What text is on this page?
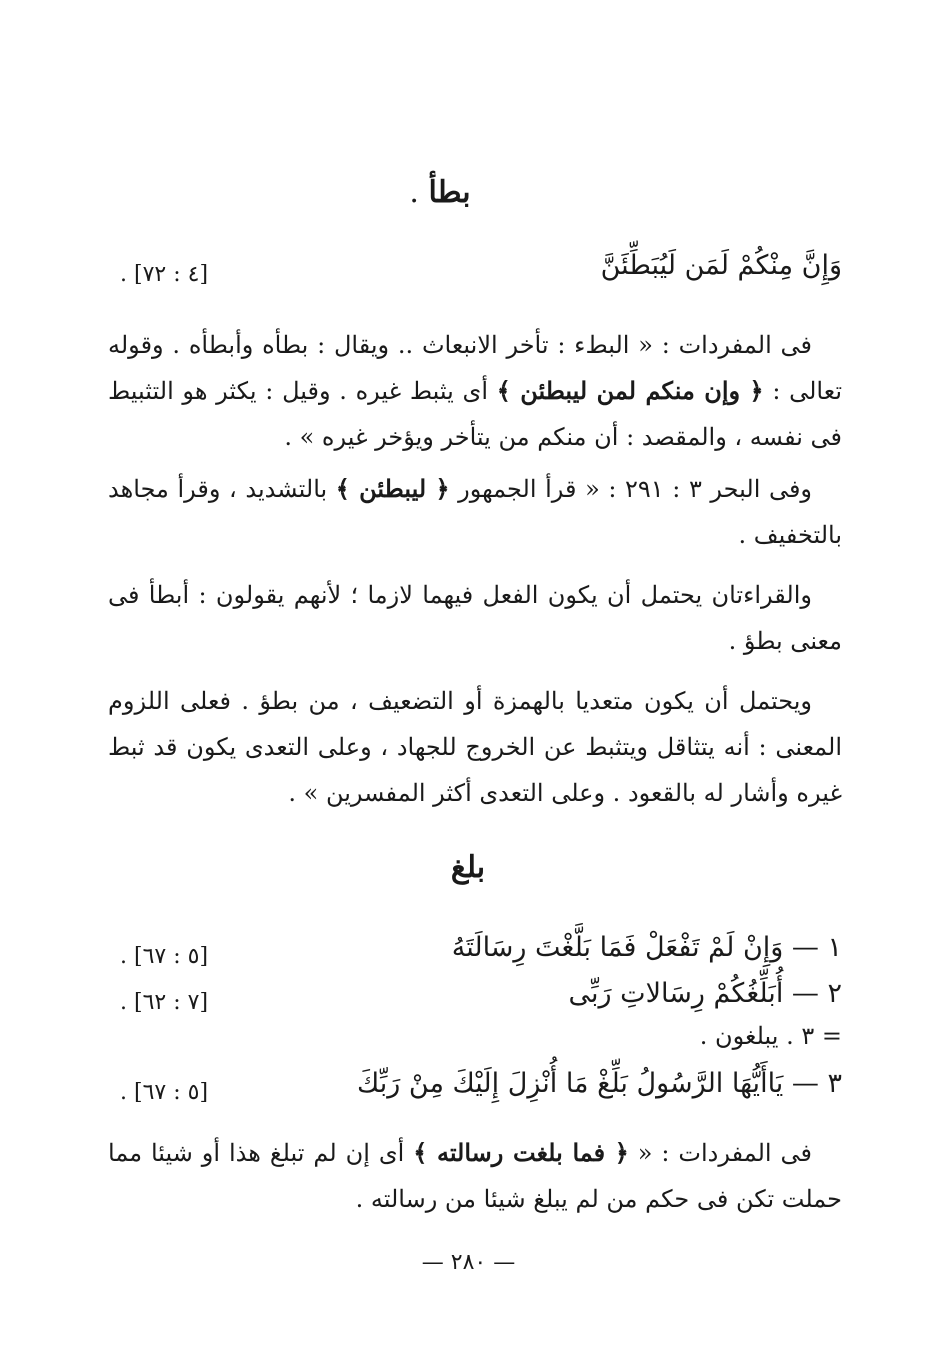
بطأ .
وَإِنَّ مِنْكُمْ لَمَن لَيُبَطِّئَنَّ
[٤ : ٧٢] .

فى المفردات : « البطء : تأخر الانبعاث .. ويقال : بطأه وأبطأه . وقوله تعالى : ﴿ وإن منكم لمن ليبطئن ﴾ أى يثبط غيره . وقيل : يكثر هو التثبيط فى نفسه ، والمقصد : أن منكم من يتأخر ويؤخر غيره » .

وفى البحر ٣ : ٢٩١ : « قرأ الجمهور ﴿ ليبطئن ﴾ بالتشديد ، وقرأ مجاهد بالتخفيف .

والقراءتان يحتمل أن يكون الفعل فيهما لازما ؛ لأنهم يقولون : أبطأ فى معنى بطؤ .

ويحتمل أن يكون متعديا بالهمزة أو التضعيف ، من بطؤ . فعلى اللزوم المعنى : أنه يتثاقل ويتثبط عن الخروج للجهاد ، وعلى التعدى يكون قد ثبط غيره وأشار له بالقعود . وعلى التعدى أكثر المفسرين » .

بلغ
١ — وَإِنْ لَمْ تَفْعَلْ فَمَا بَلَّغْتَ رِسَالَتَهُ
[٥ : ٦٧] .
٢ — أُبَلِّغُكُمْ رِسَالاتِ رَبِّى
[٧ : ٦٢] .
= ٣ . يبلغون .
٣ — يَاأَيُّهَا الرَّسُولُ بَلِّغْ مَا أُنْزِلَ إِلَيْكَ مِنْ رَبِّكَ
[٥ : ٦٧] .

فى المفردات : « ﴿ فما بلغت رسالته ﴾ أى إن لم تبلغ هذا أو شيئا مما حملت تكن فى حكم من لم يبلغ شيئا من رسالته .

— ٢٨٠ —
